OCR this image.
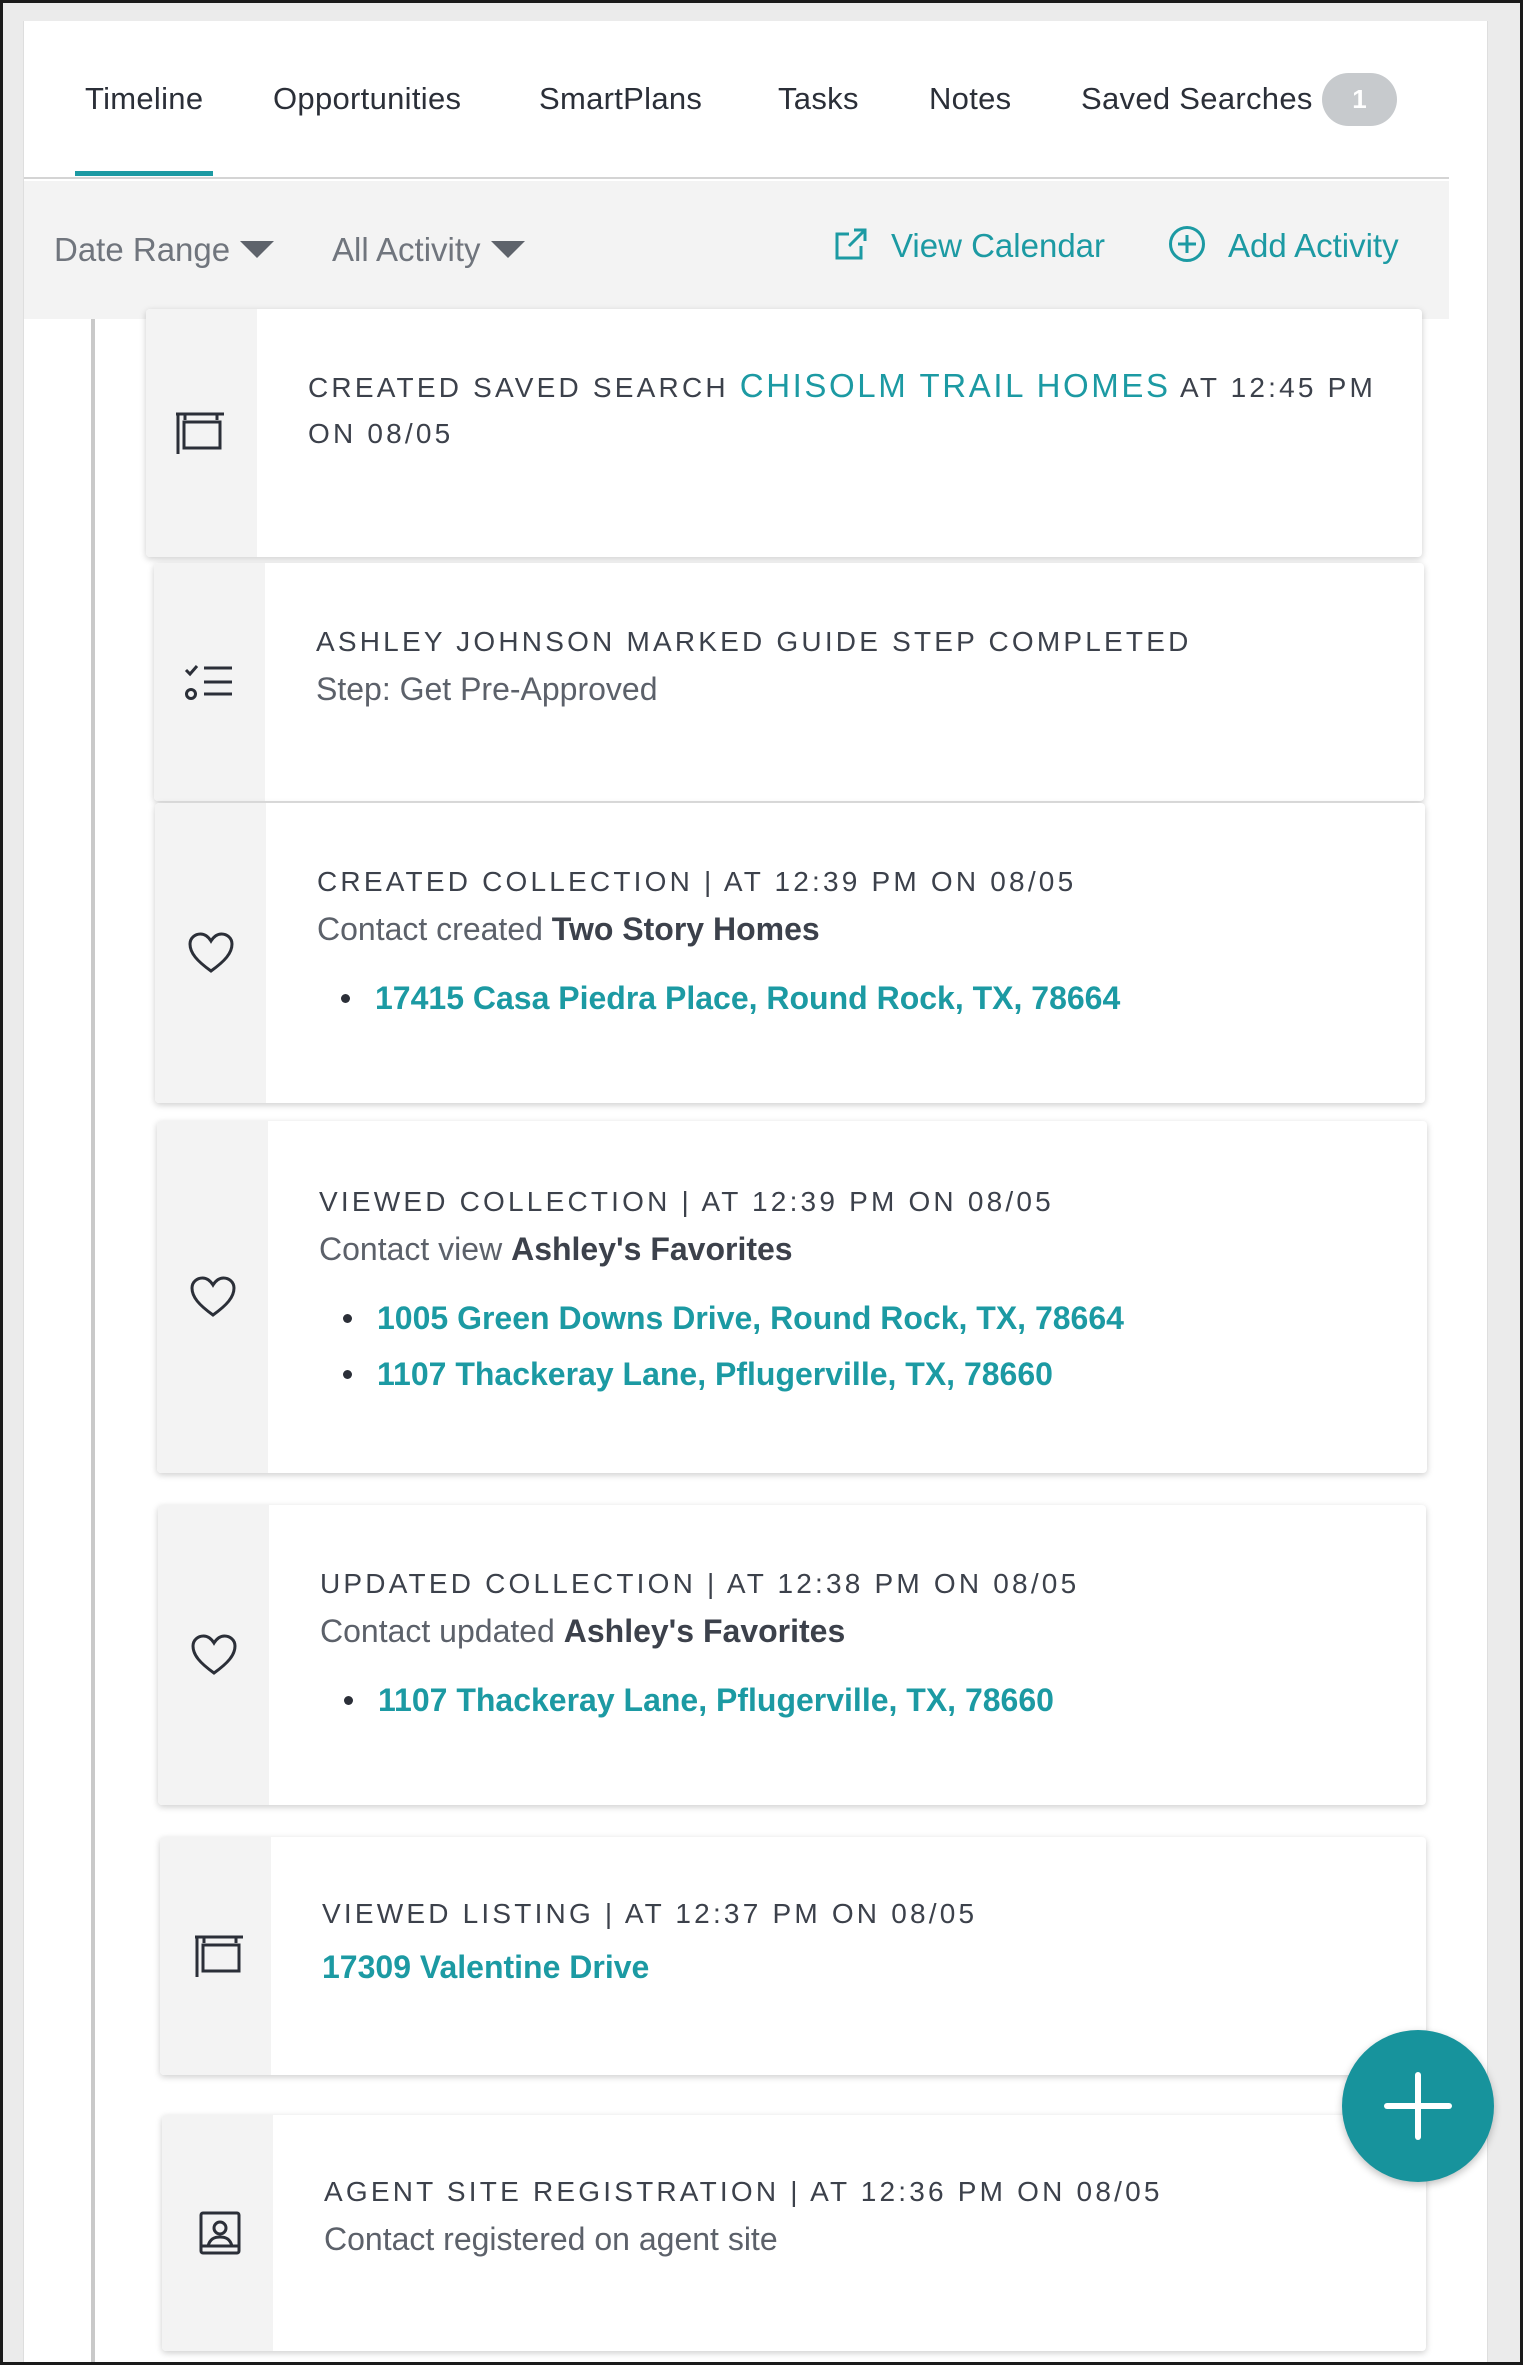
Timeline Opportunities	SmartPlans Tasks Notes Saved Searches	1
Date Range	All Activity	View Calendar	Add Activity
CREATED SAVED SEARCH CHISOLM TRAIL HOMES AT 12:45 PM ON 08/05
ASHLEY JOHNSON MARKED GUIDE STEP COMPLETED
Step: Get Pre-Approved
CREATED COLLECTION | AT 12:39 PM ON 08/05
Contact created Two Story Homes
17415 Casa Piedra Place, Round Rock, TX, 78664
VIEWED COLLECTION | AT 12:39 PM ON 08/05
Contact view Ashley's Favorites
1005 Green Downs Drive, Round Rock, TX, 78664
1107 Thackeray Lane, Pflugerville, TX, 78660
UPDATED COLLECTION | AT 12:38 PM ON 08/05
Contact updated Ashley's Favorites
1107 Thackeray Lane, Pflugerville, TX, 78660
VIEWED LISTING | AT 12:37 PM ON 08/05
17309 Valentine Drive
AGENT SITE REGISTRATION | AT 12:36 PM ON 08/05
Contact registered on agent site
